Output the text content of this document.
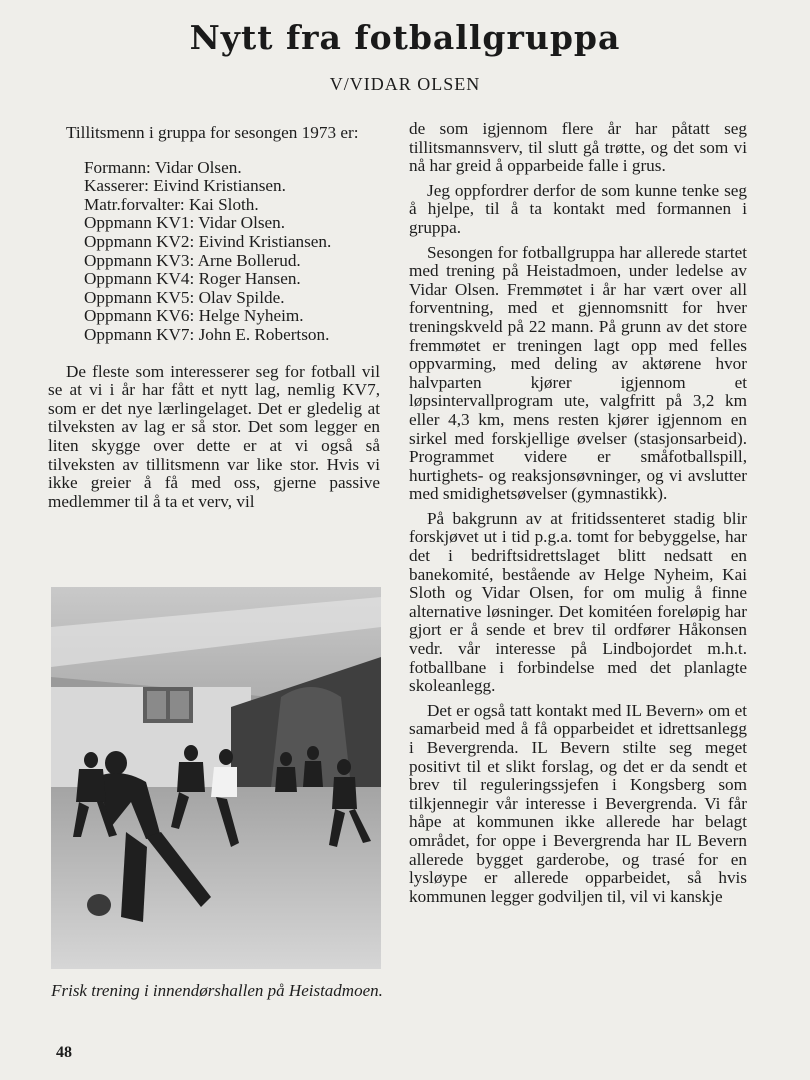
Nytt fra fotballgruppa
V/VIDAR OLSEN

Tillitsmenn i gruppa for sesongen 1973 er:

Formann: Vidar Olsen.
Kasserer: Eivind Kristiansen.
Matr.forvalter: Kai Sloth.
Oppmann KV1: Vidar Olsen.
Oppmann KV2: Eivind Kristiansen.
Oppmann KV3: Arne Bollerud.
Oppmann KV4: Roger Hansen.
Oppmann KV5: Olav Spilde.
Oppmann KV6: Helge Nyheim.
Oppmann KV7: John E. Robertson.

De fleste som interesserer seg for fotball vil se at vi i år har fått et nytt lag, nemlig KV7, som er det nye lærlingelaget. Det er gledelig at tilveksten av lag er så stor. Det som legger en liten skygge over dette er at vi også så tilveksten av tillitsmenn var like stor. Hvis vi ikke greier å få med oss, gjerne passive medlemmer til å ta et verv, vil

Frisk trening i innendørshallen på Heistadmoen.

de som igjennom flere år har påtatt seg tillitsmannsverv, til slutt gå trøtte, og det som vi nå har greid å opparbeide falle i grus.

Jeg oppfordrer derfor de som kunne tenke seg å hjelpe, til å ta kontakt med formannen i gruppa.

Sesongen for fotballgruppa har allerede startet med trening på Heistadmoen, under ledelse av Vidar Olsen. Fremmøtet i år har vært over all forventning, med et gjennomsnitt for hver treningskveld på 22 mann. På grunn av det store fremmøtet er treningen lagt opp med felles oppvarming, med deling av aktørene hvor halvparten kjører igjennom et løpsintervallprogram ute, valgfritt på 3,2 km eller 4,3 km, mens resten kjører igjennom en sirkel med forskjellige øvelser (stasjonsarbeid). Programmet videre er småfotballspill, hurtighets- og reaksjonsøvninger, og vi avslutter med smidighetsøvelser (gymnastikk).

På bakgrunn av at fritidssenteret stadig blir forskjøvet ut i tid p.g.a. tomt for bebyggelse, har det i bedriftsidrettslaget blitt nedsatt en banekomité, bestående av Helge Nyheim, Kai Sloth og Vidar Olsen, for om mulig å finne alternative løsninger. Det komitéen foreløpig har gjort er å sende et brev til ordfører Håkonsen vedr. vår interesse på Lindbojordet m.h.t. fotballbane i forbindelse med det planlagte skoleanlegg.

Det er også tatt kontakt med IL Bevern» om et samarbeid med å få opparbeidet et idrettsanlegg i Bevergrenda. IL Bevern stilte seg meget positivt til et slikt forslag, og det er da sendt et brev til reguleringssjefen i Kongsberg som tilkjennegir vår interesse i Bevergrenda. Vi får håpe at kommunen ikke allerede har belagt området, for oppe i Bevergrenda har IL Bevern allerede bygget garderobe, og trasé for en lysløype er allerede opparbeidet, så hvis kommunen legger godviljen til, vil vi kanskje

48
